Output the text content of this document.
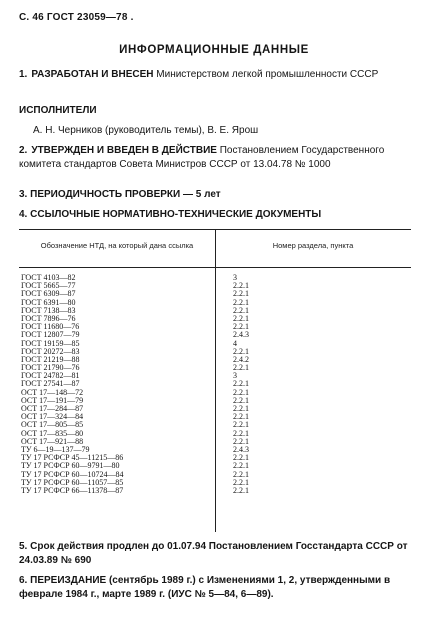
С. 46 ГОСТ 23059—78 .
ИНФОРМАЦИОННЫЕ ДАННЫЕ
1. РАЗРАБОТАН И ВНЕСЕН Министерством легкой промышленности СССР
ИСПОЛНИТЕЛИ
А. Н. Черников (руководитель темы), В. Е. Ярош
2. УТВЕРЖДЕН И ВВЕДЕН В ДЕЙСТВИЕ Постановлением Государственного комитета стандартов Совета Министров СССР от 13.04.78 № 1000
3. ПЕРИОДИЧНОСТЬ ПРОВЕРКИ — 5 лет
4. ССЫЛОЧНЫЕ НОРМАТИВНО-ТЕХНИЧЕСКИЕ ДОКУМЕНТЫ
Обозначение НТД, на который дана ссылка	Номер раздела, пункта
ГОСТ 4103—82	3
ГОСТ 5665—77	2.2.1
ГОСТ 6309—87	2.2.1
ГОСТ 6391—80	2.2.1
ГОСТ 7138—83	2.2.1
ГОСТ 7896—76	2.2.1
ГОСТ 11680—76	2.2.1
ГОСТ 12807—79	2.4.3
ГОСТ 19159—85	4
ГОСТ 20272—83	2.2.1
ГОСТ 21219—88	2.4.2
ГОСТ 21790—76	2.2.1
ГОСТ 24782—81	3
ГОСТ 27541—87	2.2.1
ОСТ 17—148—72	2.2.1
ОСТ 17—191—79	2.2.1
ОСТ 17—284—87	2.2.1
ОСТ 17—324—84	2.2.1
ОСТ 17—805—85	2.2.1
ОСТ 17—835—80	2.2.1
ОСТ 17—921—88	2.2.1
ТУ 6—19—137—79	2.4.3
ТУ 17 РСФСР 45—11215—86	2.2.1
ТУ 17 РСФСР 60—9791—80	2.2.1
ТУ 17 РСФСР 60—10724—84	2.2.1
ТУ 17 РСФСР 60—11057—85	2.2.1
ТУ 17 РСФСР 66—11378—87	2.2.1
5. Срок действия продлен до 01.07.94 Постановлением Госстандарта СССР от 24.03.89 № 690
6. ПЕРЕИЗДАНИЕ (сентябрь 1989 г.) с Изменениями 1, 2, утвержденными в феврале 1984 г., марте 1989 г. (ИУС № 5—84, 6—89).
